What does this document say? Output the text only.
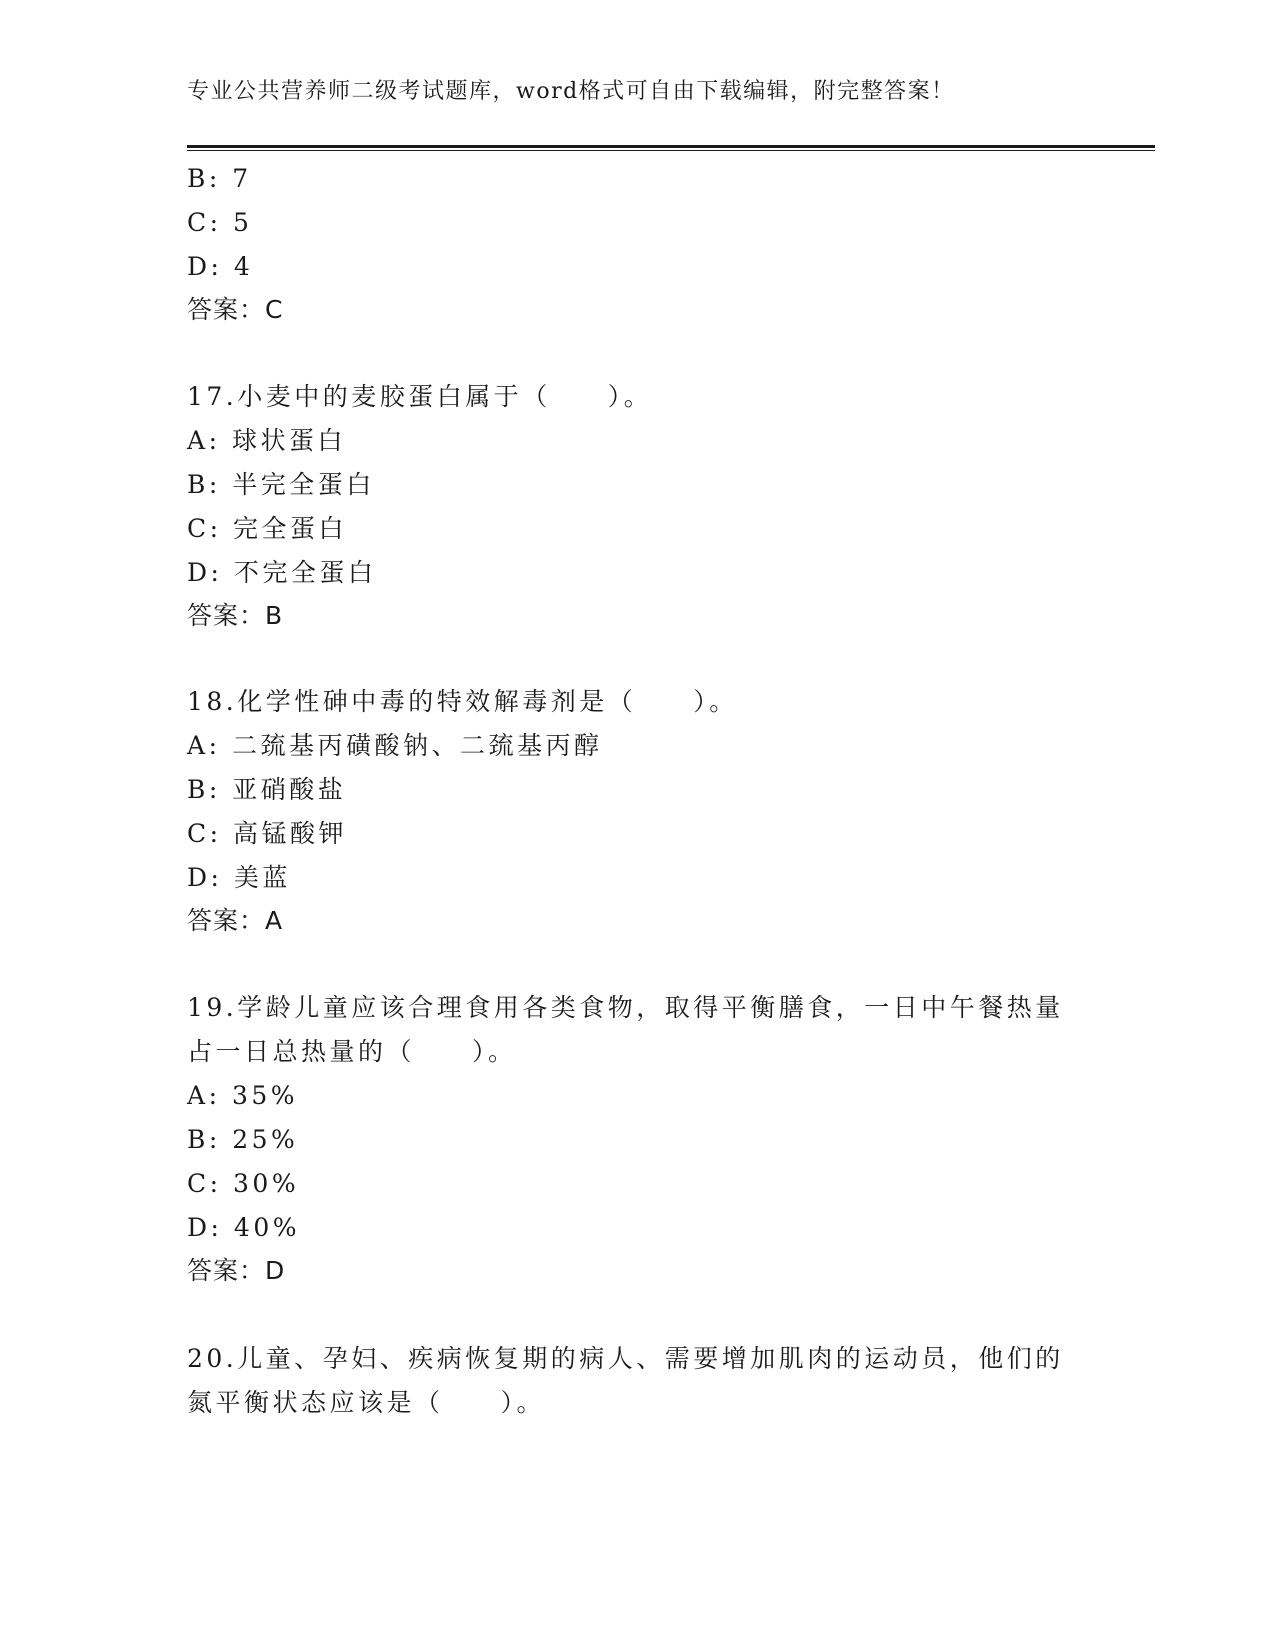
专业公共营养师二级考试题库，word格式可自由下载编辑，附完整答案！
B: 7
C: 5
D: 4
答案：C
17.小麦中的麦胶蛋白属于（　　）。
A: 球状蛋白
B: 半完全蛋白
C: 完全蛋白
D: 不完全蛋白
答案：B
18.化学性砷中毒的特效解毒剂是（　　）。
A: 二巯基丙磺酸钠、二巯基丙醇
B: 亚硝酸盐
C: 高锰酸钾
D: 美蓝
答案：A
19.学龄儿童应该合理食用各类食物，取得平衡膳食，一日中午餐热量
占一日总热量的（　　）。
A: 35%
B: 25%
C: 30%
D: 40%
答案：D
20.儿童、孕妇、疾病恢复期的病人、需要增加肌肉的运动员，他们的
氮平衡状态应该是（　　）。
